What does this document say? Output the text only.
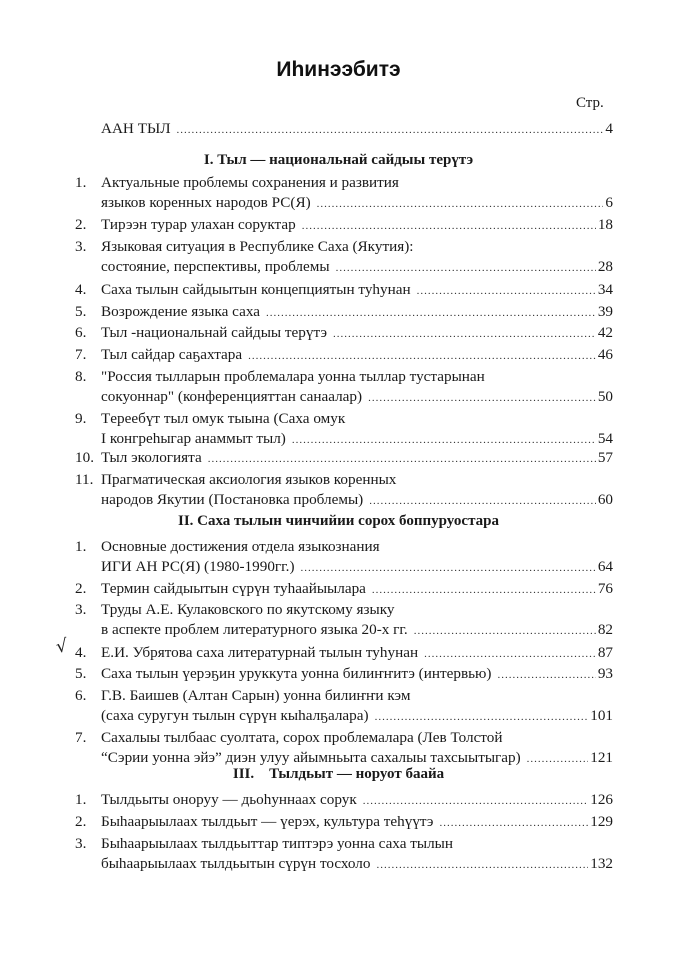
Иhинээбитэ
Стр.
ААН ТЫЛ .....	4
I. Тыл — национальнай сайдыы тeрүтэ
1. Актуальные проблемы сохранения и развития
языков коренных народов РС(Я) .....	6
2. Тирээн турар улахан соруктар .....	18
3. Языковая ситуация в Республике Саха (Якутия):
состояние, перспективы, проблемы .....	28
4. Саха тылын сайдыытын концепциятын туhунан .....	34
5. Возрождение языка саха .....	39
6. Тыл -национальнай сайдыы тeрүтэ .....	42
7. Тыл сайдар саҕахтара .....	46
8. "Россия тылларын проблемалара уонна тыллар тустарынан
сокуоннар" (конференцияттан санаалар) .....	50
9. Тeрeeбүт тыл омук тыына (Саха омук
I конгреhыгар анаммыт тыл) .....	54
10. Тыл экологията .....	57
11. Прагматическая аксиология языков коренных
народов Якутии (Постановка проблемы) .....	60
II. Саха тылын чинчийии сорох боппуруостара
1. Основные достижения отдела языкознания
ИГИ АН РС(Я) (1980-1990гг.) .....	64
2. Термин сайдыытын сүрүн туhаайыылара .....	76
3. Труды А.Е. Кулаковского по якутскому языку
в аспекте проблем литературного языка 20-х гг. .....	82
4. Е.И. Убрятова саха литературнай тылын туhунан .....	87
5. Саха тылын үeрэҕин уруккута уонна билиҥҥитэ (интервью) .....	93
6. Г.В. Баишев (Алтан Сарын) уонна билиҥҥи кэм
(саха суругун тылын сүрүн кыhалҕалара) .....	101
7. Сахалыы тылбаас суолтата, сорох проблемалара (Лев Толстой
“Сэрии уонна эйэ” диэн улуу айымньыта сахалыы тахсыытыгар) .....	121
III.    Тылдьыт — норуот баайа
1. Тылдьыты оноруу — дьоhуннаах сорук .....	126
2. Быhаарыылаах тылдьыт — үeрэх, культура тehүүтэ .....	129
3. Быhаарыылаах тылдьыттар типтэрэ уонна саха тылын
быhаарыылаах тылдьытын сүрүн тосхоло .....	132
√
